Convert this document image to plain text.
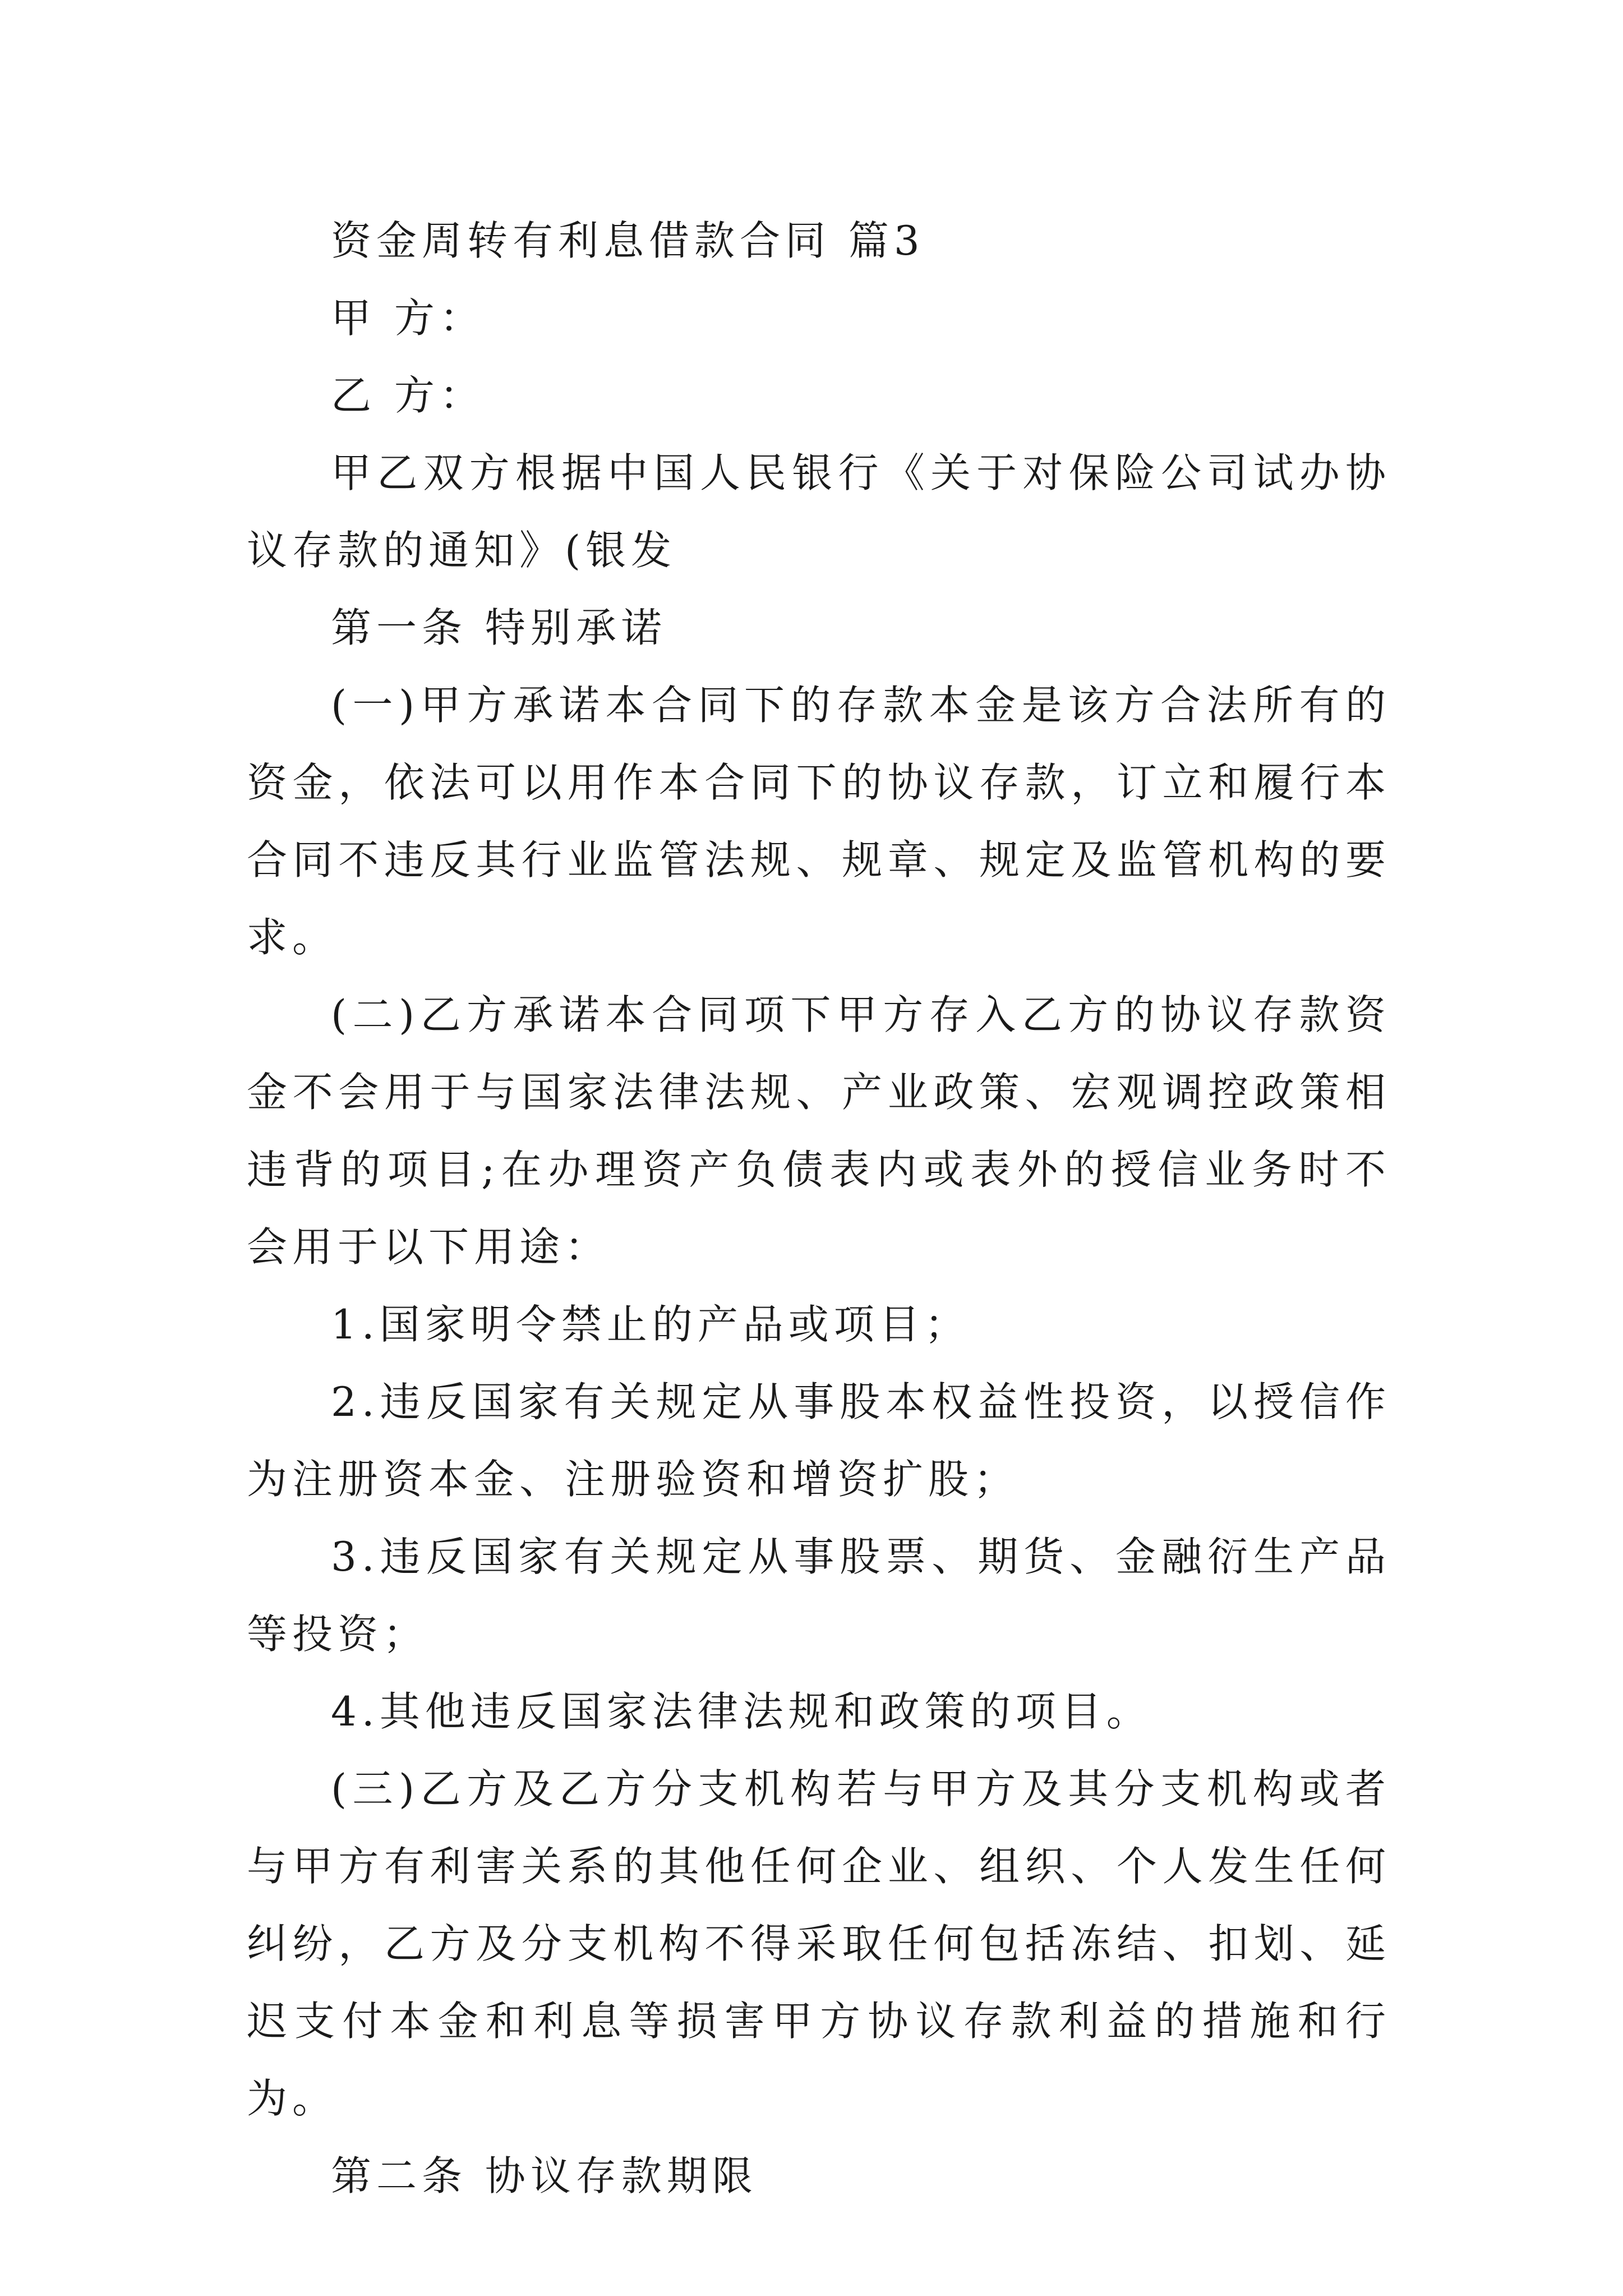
资金周转有利息借款合同 篇3

甲 方：

乙 方：

甲乙双方根据中国人民银行《关于对保险公司试办协议存款的通知》(银发

第一条 特别承诺

(一)甲方承诺本合同下的存款本金是该方合法所有的资金，依法可以用作本合同下的协议存款，订立和履行本合同不违反其行业监管法规、规章、规定及监管机构的要求。

(二)乙方承诺本合同项下甲方存入乙方的协议存款资金不会用于与国家法律法规、产业政策、宏观调控政策相违背的项目;在办理资产负债表内或表外的授信业务时不会用于以下用途：

1.国家明令禁止的产品或项目；

2.违反国家有关规定从事股本权益性投资，以授信作为注册资本金、注册验资和增资扩股；

3.违反国家有关规定从事股票、期货、金融衍生产品等投资；

4.其他违反国家法律法规和政策的项目。

(三)乙方及乙方分支机构若与甲方及其分支机构或者与甲方有利害关系的其他任何企业、组织、个人发生任何纠纷，乙方及分支机构不得采取任何包括冻结、扣划、延迟支付本金和利息等损害甲方协议存款利益的措施和行为。

第二条 协议存款期限
